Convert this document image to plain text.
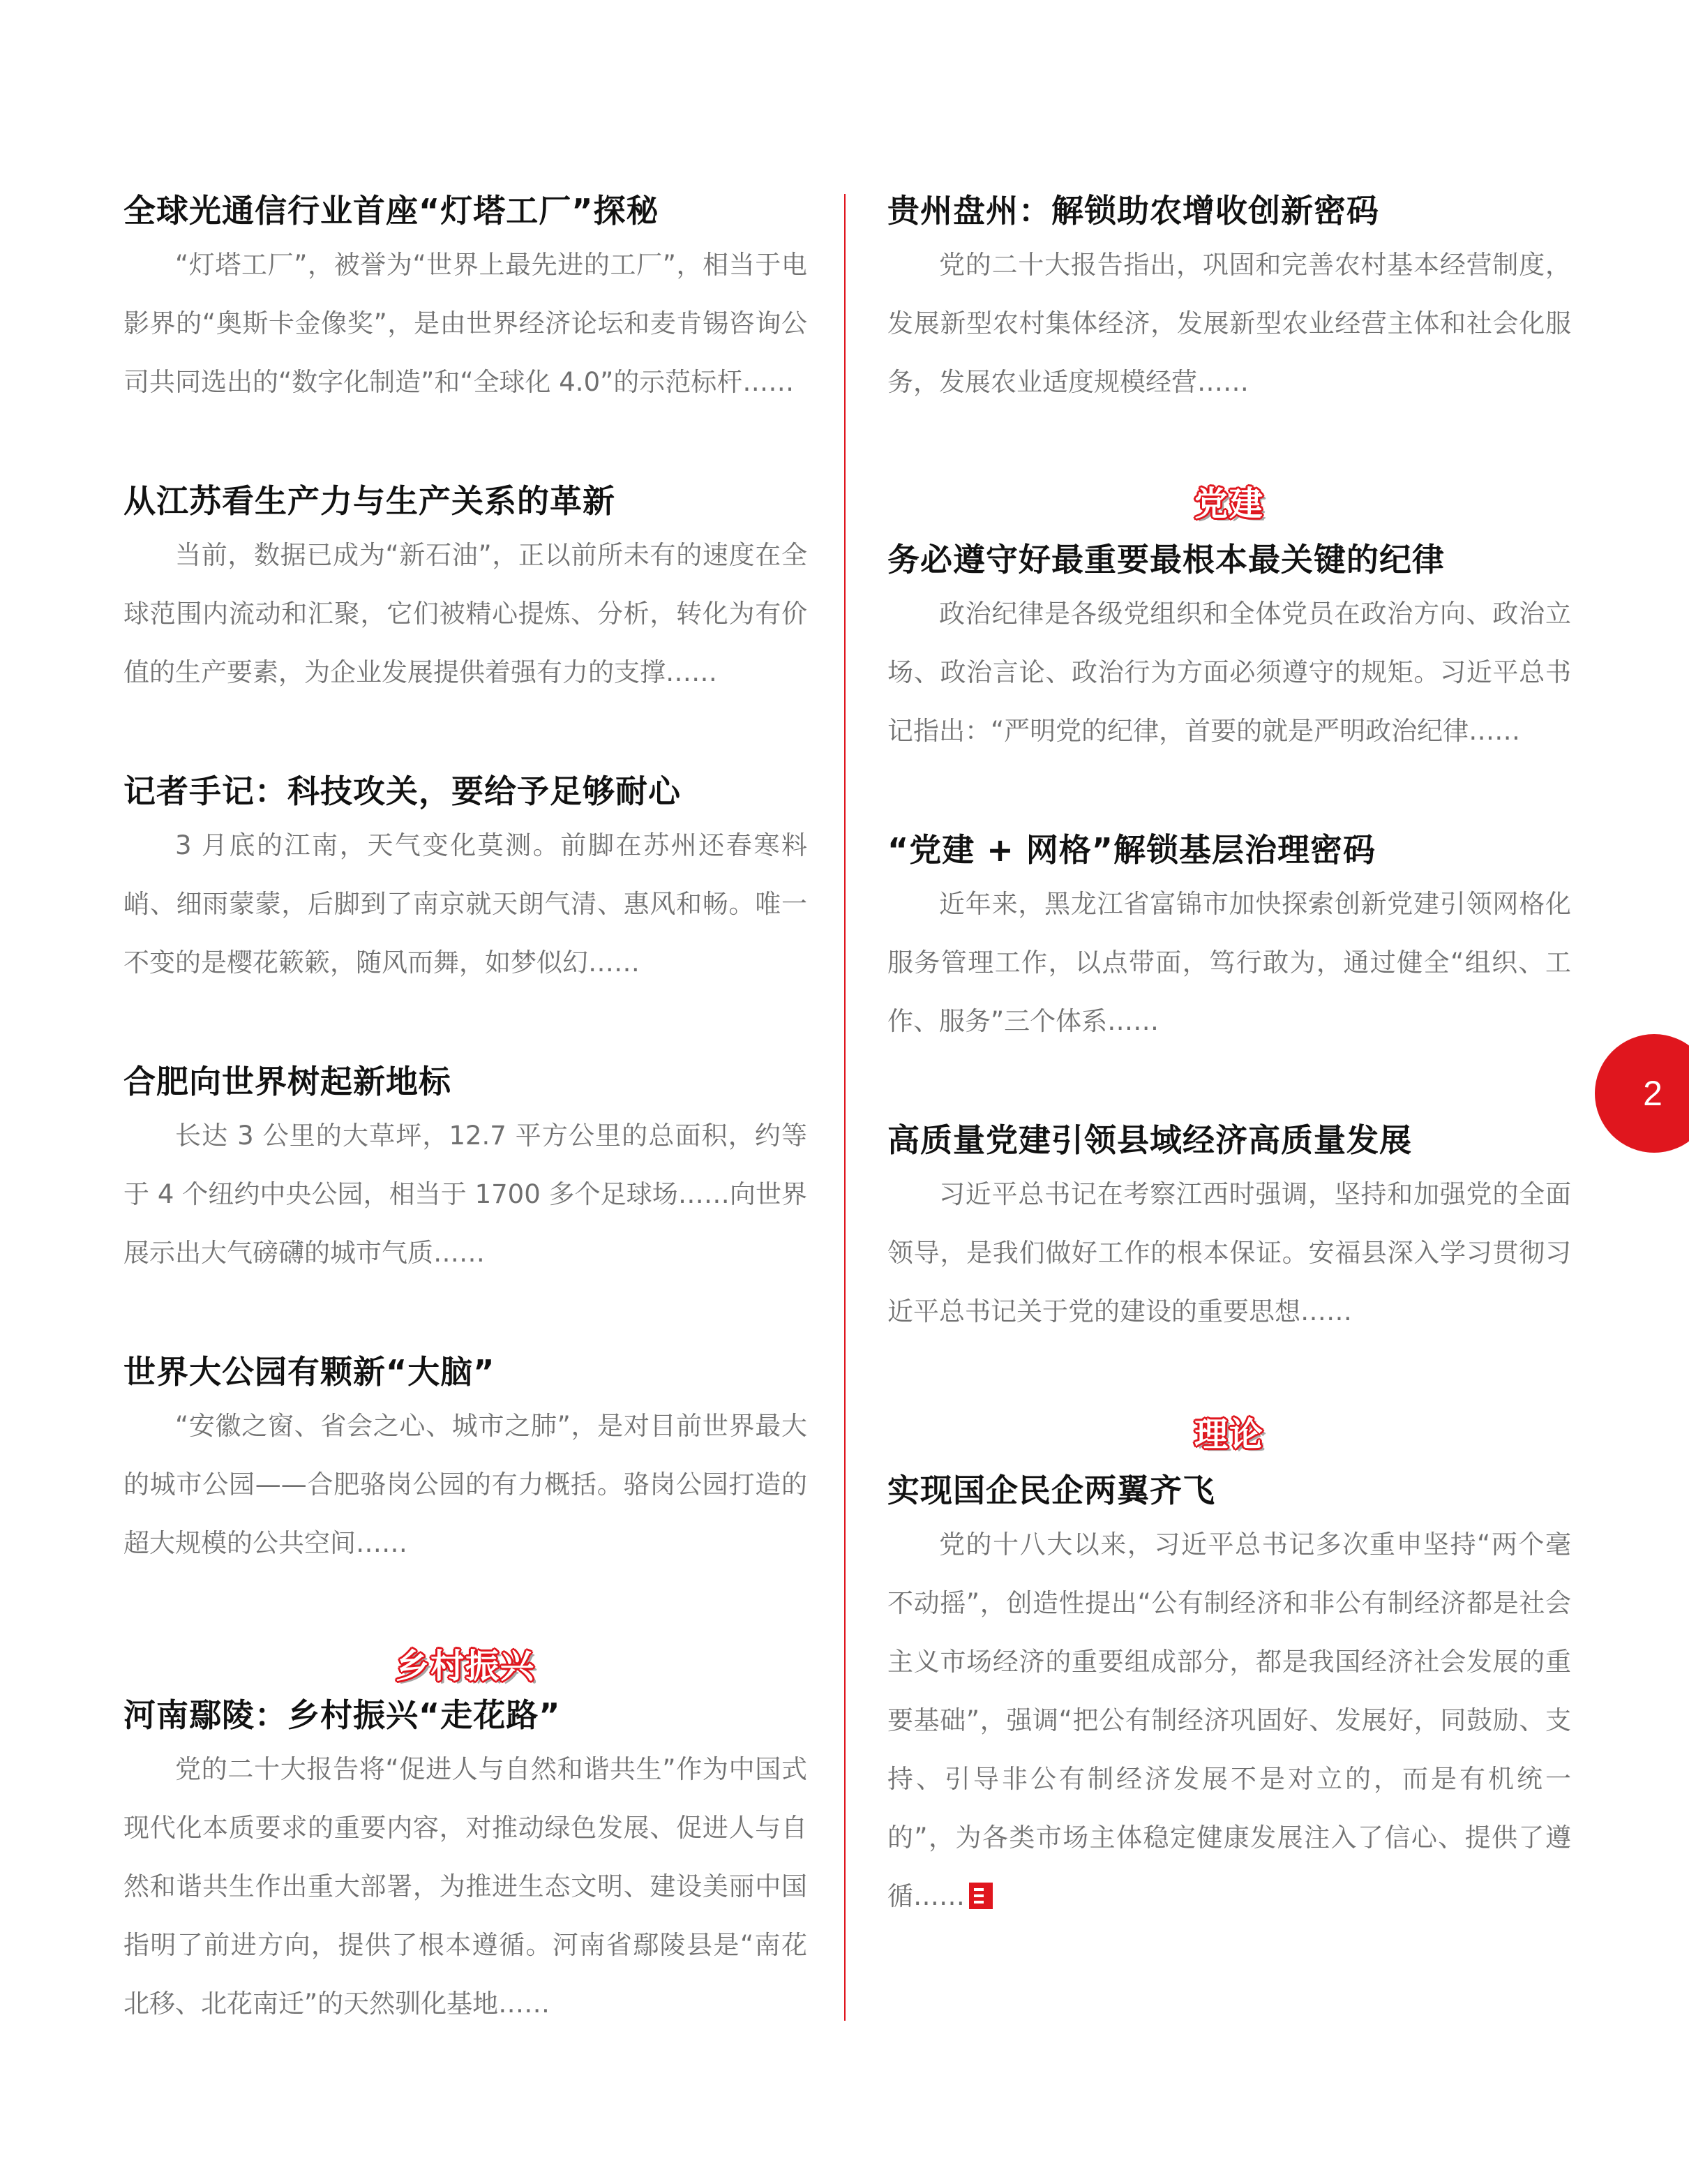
全球光通信行业首座“灯塔工厂”探秘

“灯塔工厂”，被誉为“世界上最先进的工厂”，相当于电影界的“奥斯卡金像奖”，是由世界经济论坛和麦肯锡咨询公司共同选出的“数字化制造”和“全球化 4.0”的示范标杆……

从江苏看生产力与生产关系的革新

当前，数据已成为“新石油”，正以前所未有的速度在全球范围内流动和汇聚，它们被精心提炼、分析，转化为有价值的生产要素，为企业发展提供着强有力的支撑……

记者手记：科技攻关，要给予足够耐心

3 月底的江南，天气变化莫测。前脚在苏州还春寒料峭、细雨蒙蒙，后脚到了南京就天朗气清、惠风和畅。唯一不变的是樱花簌簌，随风而舞，如梦似幻……

合肥向世界树起新地标

长达 3 公里的大草坪，12.7 平方公里的总面积，约等于 4 个纽约中央公园，相当于 1700 多个足球场……向世界展示出大气磅礴的城市气质……

世界大公园有颗新“大脑”

“安徽之窗、省会之心、城市之肺”，是对目前世界最大的城市公园——合肥骆岗公园的有力概括。骆岗公园打造的超大规模的公共空间……

乡村振兴
河南鄢陵：乡村振兴“走花路”

党的二十大报告将“促进人与自然和谐共生”作为中国式现代化本质要求的重要内容，对推动绿色发展、促进人与自然和谐共生作出重大部署，为推进生态文明、建设美丽中国指明了前进方向，提供了根本遵循。河南省鄢陵县是“南花北移、北花南迁”的天然驯化基地……

贵州盘州：解锁助农增收创新密码

党的二十大报告指出，巩固和完善农村基本经营制度，发展新型农村集体经济，发展新型农业经营主体和社会化服务，发展农业适度规模经营……

党建
务必遵守好最重要最根本最关键的纪律

政治纪律是各级党组织和全体党员在政治方向、政治立场、政治言论、政治行为方面必须遵守的规矩。习近平总书记指出：“严明党的纪律，首要的就是严明政治纪律……

“党建 + 网格”解锁基层治理密码

近年来，黑龙江省富锦市加快探索创新党建引领网格化服务管理工作，以点带面，笃行敢为，通过健全“组织、工作、服务”三个体系……

高质量党建引领县域经济高质量发展

习近平总书记在考察江西时强调，坚持和加强党的全面领导，是我们做好工作的根本保证。安福县深入学习贯彻习近平总书记关于党的建设的重要思想……

理论
实现国企民企两翼齐飞

党的十八大以来，习近平总书记多次重申坚持“两个毫不动摇”，创造性提出“公有制经济和非公有制经济都是社会主义市场经济的重要组成部分，都是我国经济社会发展的重要基础”，强调“把公有制经济巩固好、发展好，同鼓励、支持、引导非公有制经济发展不是对立的，而是有机统一的”，为各类市场主体稳定健康发展注入了信心、提供了遵循……

2
